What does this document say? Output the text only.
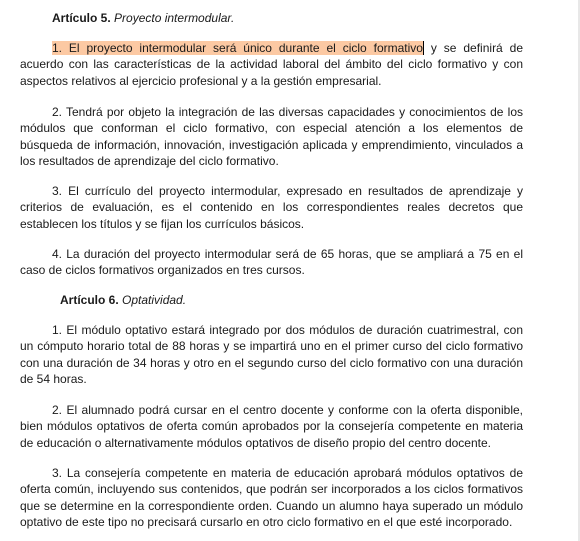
Artículo 5. Proyecto intermodular.

1. El proyecto intermodular será único durante el ciclo formativo y se definirá de acuerdo con las características de la actividad laboral del ámbito del ciclo formativo y con aspectos relativos al ejercicio profesional y a la gestión empresarial.

2. Tendrá por objeto la integración de las diversas capacidades y conocimientos de los módulos que conforman el ciclo formativo, con especial atención a los elementos de búsqueda de información, innovación, investigación aplicada y emprendimiento, vinculados a los resultados de aprendizaje del ciclo formativo.

3. El currículo del proyecto intermodular, expresado en resultados de aprendizaje y criterios de evaluación, es el contenido en los correspondientes reales decretos que establecen los títulos y se fijan los currículos básicos.

4. La duración del proyecto intermodular será de 65 horas, que se ampliará a 75 en el caso de ciclos formativos organizados en tres cursos.

Artículo 6. Optatividad.

1. El módulo optativo estará integrado por dos módulos de duración cuatrimestral, con un cómputo horario total de 88 horas y se impartirá uno en el primer curso del ciclo formativo con una duración de 34 horas y otro en el segundo curso del ciclo formativo con una duración de 54 horas.

2. El alumnado podrá cursar en el centro docente y conforme con la oferta disponible, bien módulos optativos de oferta común aprobados por la consejería competente en materia de educación o alternativamente módulos optativos de diseño propio del centro docente.

3. La consejería competente en materia de educación aprobará módulos optativos de oferta común, incluyendo sus contenidos, que podrán ser incorporados a los ciclos formativos que se determine en la correspondiente orden. Cuando un alumno haya superado un módulo optativo de este tipo no precisará cursarlo en otro ciclo formativo en el que esté incorporado.
